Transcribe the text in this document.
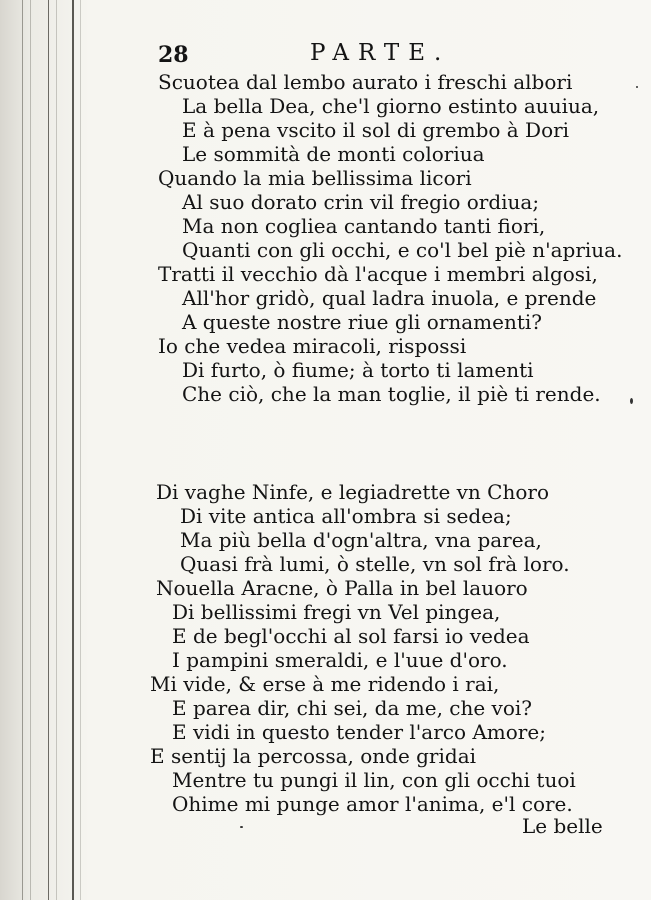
28	PARTE.
Scuotea dal lembo aurato i freschi albori
La bella Dea, che'l giorno estinto auuiua,
E à pena vscito il sol di grembo à Dori
Le sommità de monti coloriua
Quando la mia bellissima licori
Al suo dorato crin vil fregio ordiua;
Ma non cogliea cantando tanti fiori,
Quanti con gli occhi, e co'l bel piè n'apriua.
Tratti il vecchio dà l'acque i membri algosi,
All'hor gridò, qual ladra inuola, e prende
A queste nostre riue gli ornamenti?
Io che vedea miracoli, rispossi
Di furto, ò fiume; à torto ti lamenti
Che ciò, che la man toglie, il piè ti rende.
Di vaghe Ninfe, e legiadrette vn Choro
Di vite antica all'ombra si sedea;
Ma più bella d'ogn'altra, vna parea,
Quasi frà lumi, ò stelle, vn sol frà loro.
Nouella Aracne, ò Palla in bel lauoro
Di bellissimi fregi vn Vel pingea,
E de begl'occhi al sol farsi io vedea
I pampini smeraldi, e l'uue d'oro.
Mi vide, & erse à me ridendo i rai,
E parea dir, chi sei, da me, che voi?
E vidi in questo tender l'arco Amore;
E sentij la percossa, onde gridai
Mentre tu pungi il lin, con gli occhi tuoi
Ohime mi punge amor l'anima, e'l core.
Le belle
